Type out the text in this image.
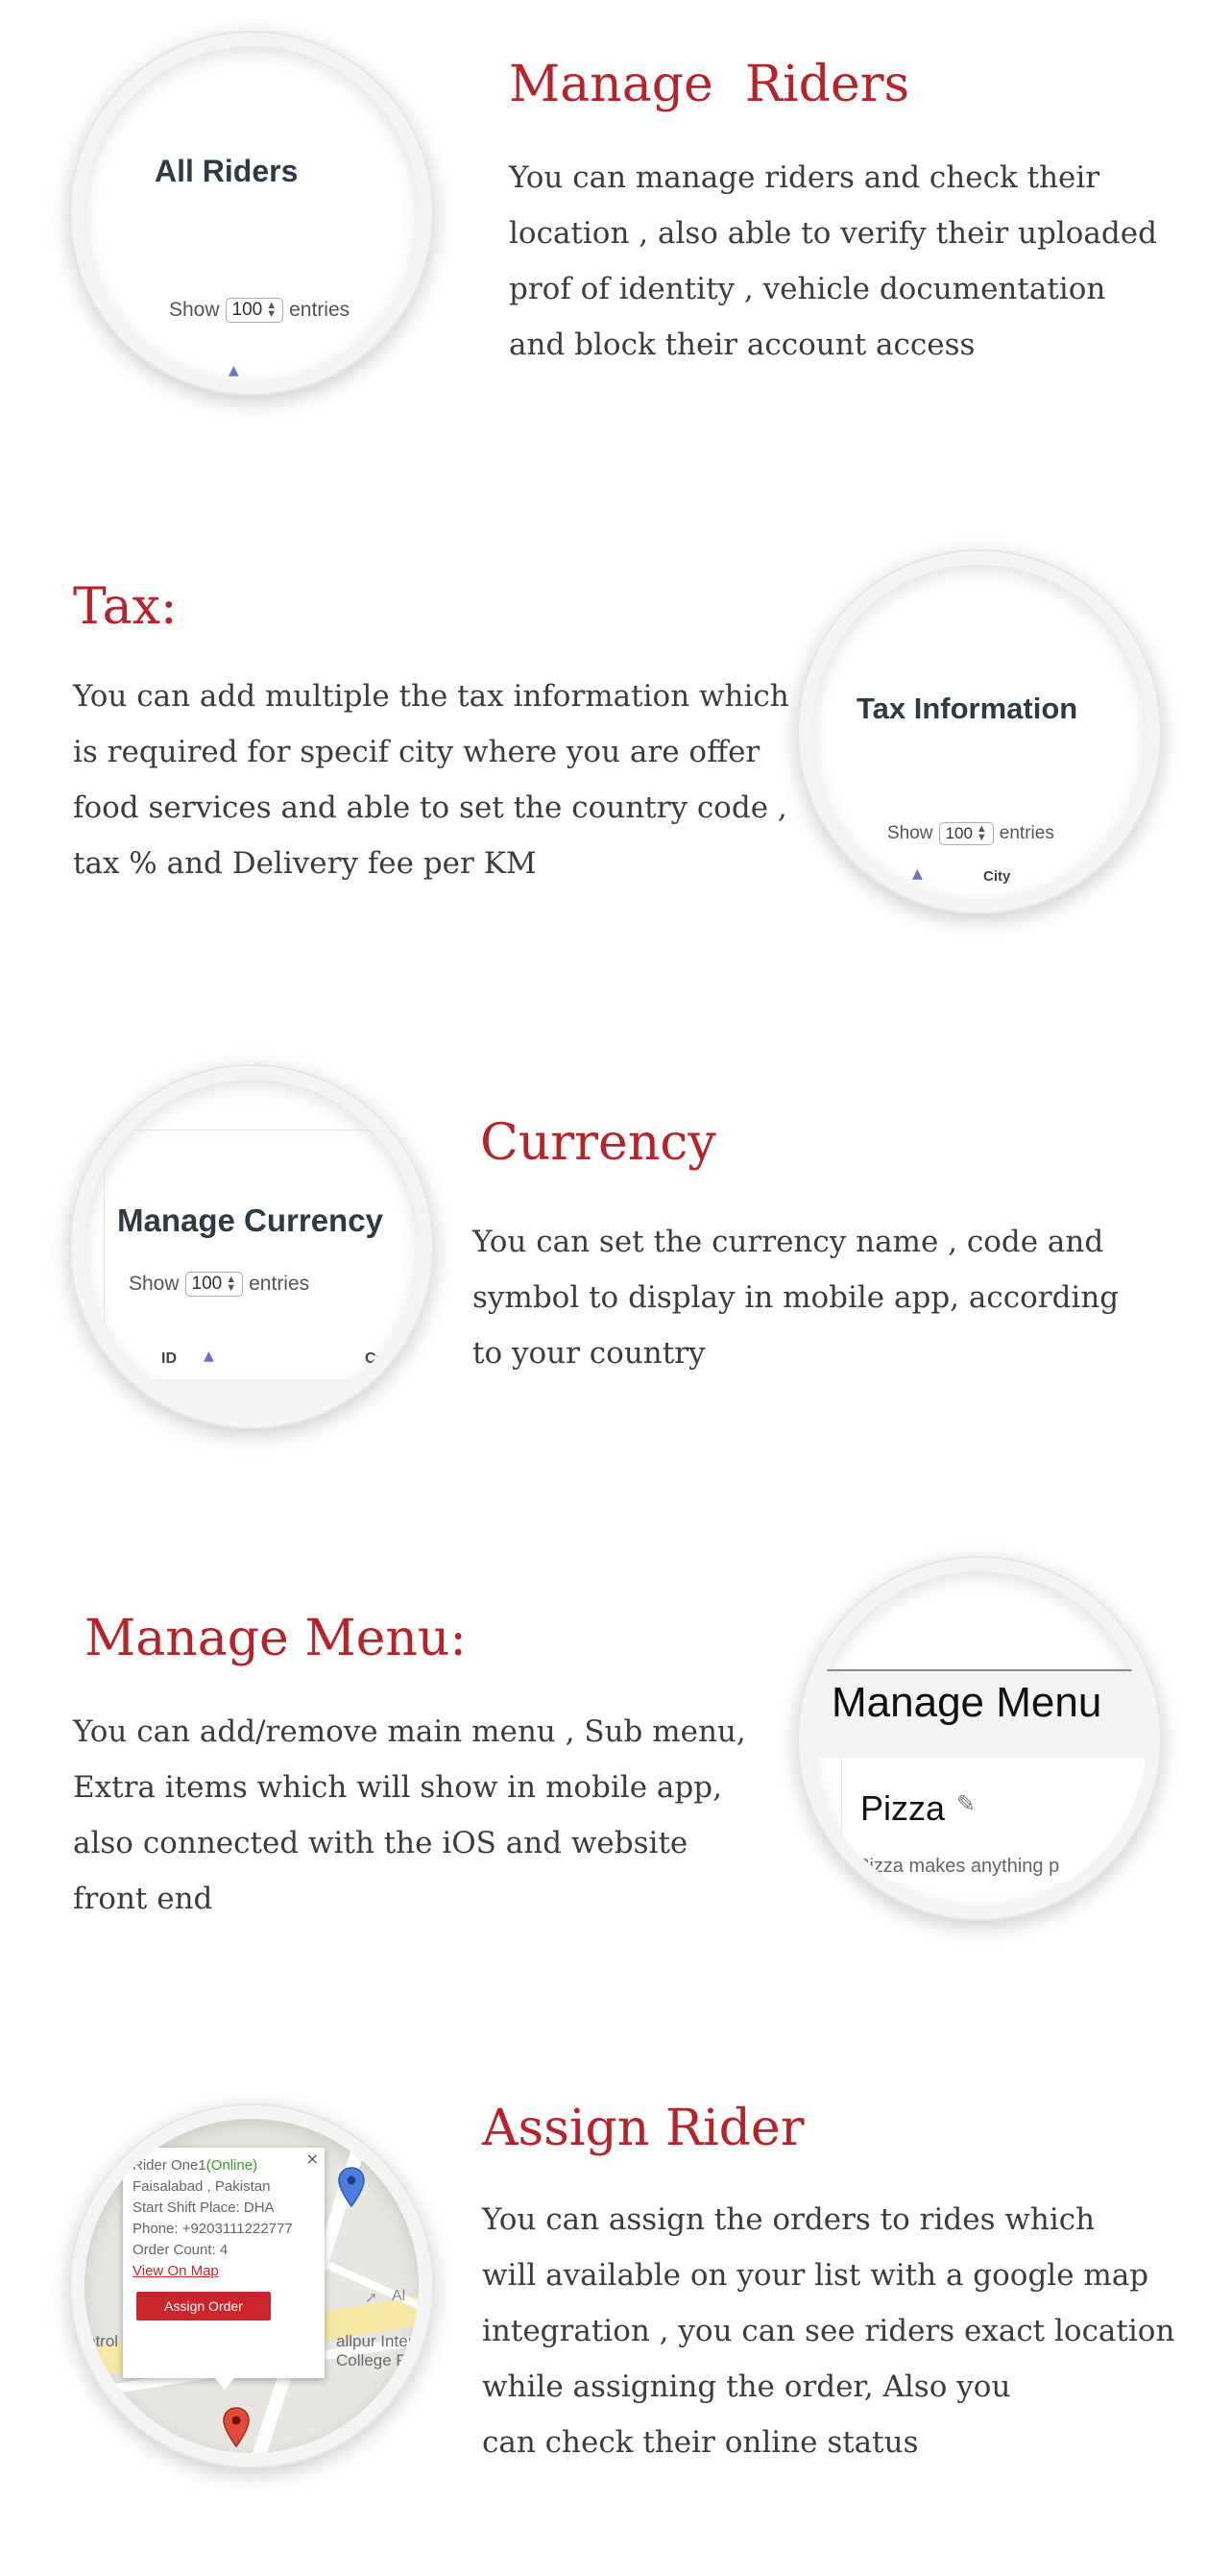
All Riders
Show 100 ▲
▼ entries
▲
Manage  Riders
You can manage riders and check their
location , also able to verify their uploaded
prof of identity , vehicle documentation
and block their account access
Tax:
You can add multiple the tax information which
is required for specif city where you are offer
food services and able to set the country code ,
tax % and Delivery fee per KM
Tax Information
Show 100 ▲
▼ entries
▲	City
Manage Currency
Show 100 ▲
▼ entries
ID ▲	Coun
Currency
You can set the currency name , code and
symbol to display in mobile app, according
to your country
Manage Menu:
You can add/remove main menu , Sub menu,
Extra items which will show in mobile app,
also connected with the iOS and website
front end
Manage Menu
Pizza ✎
Pizza makes anything p
etrol	allpur Inter
College F
Al
➚
×
Rider One1(Online)
Faisalabad , Pakistan
Start Shift Place: DHA
Phone: +9203111222777
Order Count: 4
View On Map
Assign Order
Assign Rider
You can assign the orders to rides which
will available on your list with a google map
integration , you can see riders exact location
while assigning the order, Also you
can check their online status
